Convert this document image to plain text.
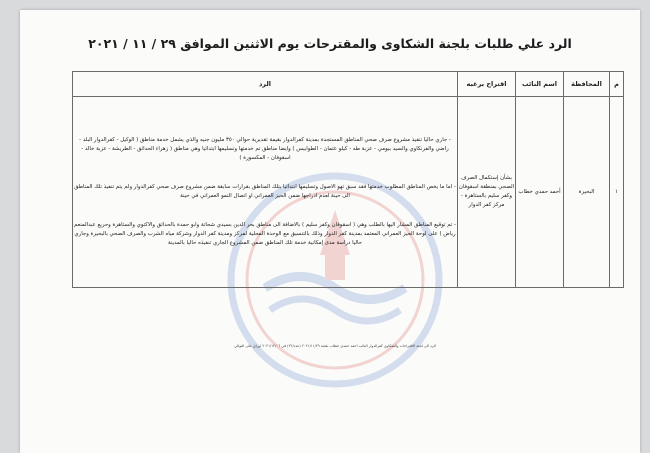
الرد علي طلبات بلجنة الشكاوى والمقترحات يوم الاثنين الموافق ٢٩ / ١١ / ٢٠٢١
م	المحافظة	اسم النائب	اقتراح برغبه	الرد
١	البحيرة	أحمد حمدي خطاب	بشأن إستكمال الصرف الصحي بمنطقة اسقوفان وكفر سليم بالستاهرة - مركز كفر الدوار	- جاري حاليا تنفيذ مشروع صرف صحي المناطق المستجدة بمدينة كفرالدوار بقيمة تقديرية حوالي ٣٥٠ مليون جنيه والذي يشمل خدمة مناطق ( الوكيل - كفرالدوار البلد - راضي والفرنكاوي والسيد بيومي - عزبة طه - كيلو عثمان - الطوابيس ) وايضا مناطق تم خدمتها وتسليمها ابتدائيا وهي مناطق ( زهراء الحدائق - الطريشة - عزبة خالد - اسقوفان - المكسورة )

- اما ما يخص المناطق المطلوب خدمتها فقد سبق تهو الاصول وتسليمها ابتدائيا بتلك المناطق بقرارات سابقة ضمن مشروع صرف صحي كفرالدوار ولم يتم تنفيذ تلك المناطق الى حينة لعدم ادراجها ضمن الحيز العمراني او اتصال النمو العمراني في حينة

- تم توقيع المناطق المشار اليها بالطلب وهي ( اسقوفان وكفر سليم ) بالاضافة الى مناطق بحر الدين بسيدي شحاتة وابو حمدة بالحدائق والاكتوي والستاهرة وحريع عبدالمنعم رياض ) على لوحة الحيز العمراني المعتمد بمدينة كفر الدوار وذلك بالتنسيق مع الوحدة المحلية لمركز ومدينة كفر الدوار وشركة مياه الشرب والصرف الصحي بالبحيرة وجاري حاليا دراسة مدى إمكانية خدمة تلك المناطق ضمن المشروع الجاري تنفيذه حاليا بالمدينة

الرد الى لجنة الاقتراحات والشكاوى كفرالدوار النائب احمد حمدي خطاب بلجنة ٢٠٢١/١١/٢٩ (عدد/٢٢) في ٢٠٢١/١٢/٠٦ اوراق على التوالي
